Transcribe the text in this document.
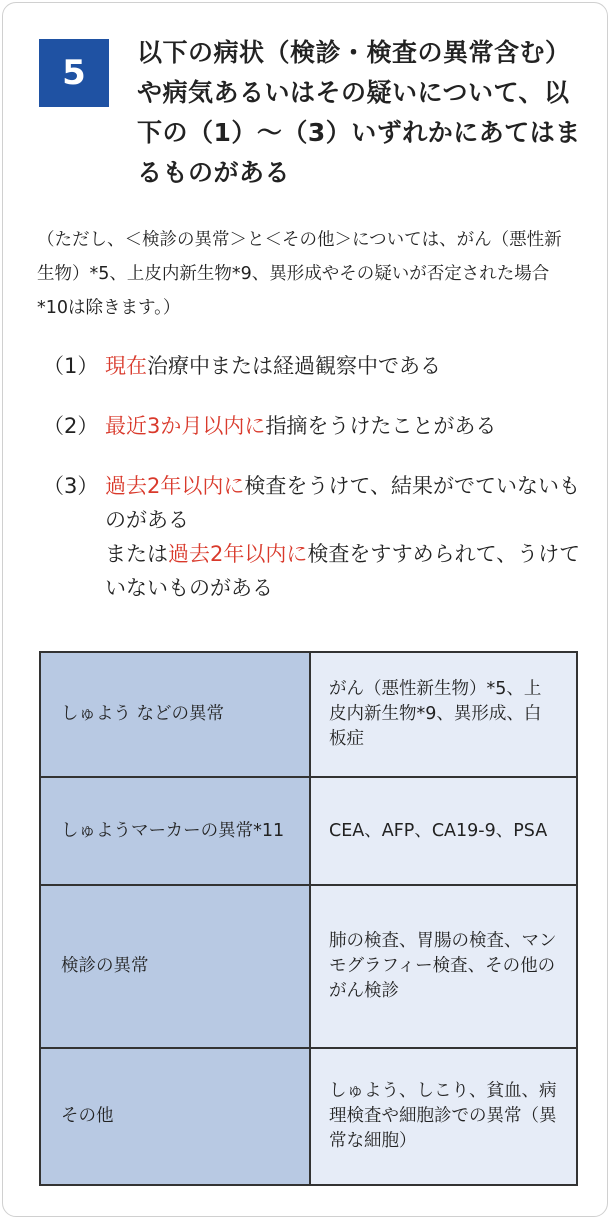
5
以下の病状（検診・検査の異常含む）や病気あるいはその疑いについて、以下の（1）〜（3）いずれかにあてはまるものがある
（ただし、＜検診の異常＞と＜その他＞については、がん（悪性新生物）*5、上皮内新生物*9、異形成やその疑いが否定された場合*10は除きます。）
（1） 現在治療中または経過観察中である
（2） 最近3か月以内に指摘をうけたことがある
（3） 過去2年以内に検査をうけて、結果がでていないものがある
または過去2年以内に検査をすすめられて、うけていないものがある
しゅよう などの異常	がん（悪性新生物）*5、上皮内新生物*9、異形成、白板症
しゅようマーカーの異常*11	CEA、AFP、CA19-9、PSA
検診の異常	肺の検査、胃腸の検査、マンモグラフィー検査、その他のがん検診
その他	しゅよう、しこり、貧血、病理検査や細胞診での異常（異常な細胞）
